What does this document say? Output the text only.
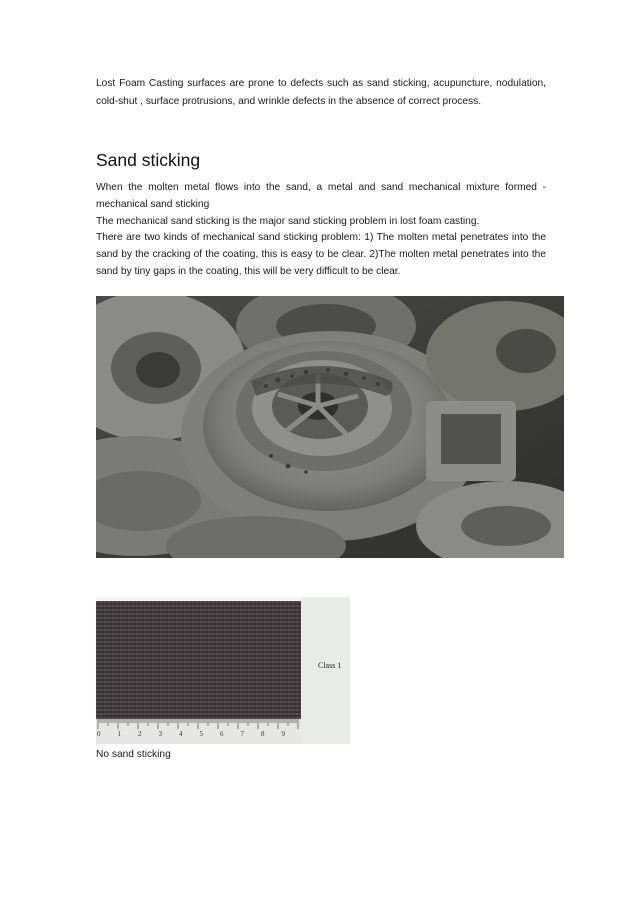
Lost Foam Casting surfaces are prone to defects such as sand sticking, acupuncture, nodulation, cold-shut , surface protrusions, and wrinkle defects in the absence of correct process.

Sand sticking

When the molten metal flows into the sand, a metal and sand mechanical mixture formed - mechanical sand sticking

The mechanical sand sticking is the major sand sticking problem in lost foam casting.

There are two kinds of mechanical sand sticking problem: 1) The molten metal penetrates into the sand by the cracking of the coating, this is easy to be clear. 2)The molten metal penetrates into the sand by tiny gaps in the coating, this will be very difficult to be clear.

Class 1
0 1 2 3 4 5 6 7 8 9

No sand sticking
